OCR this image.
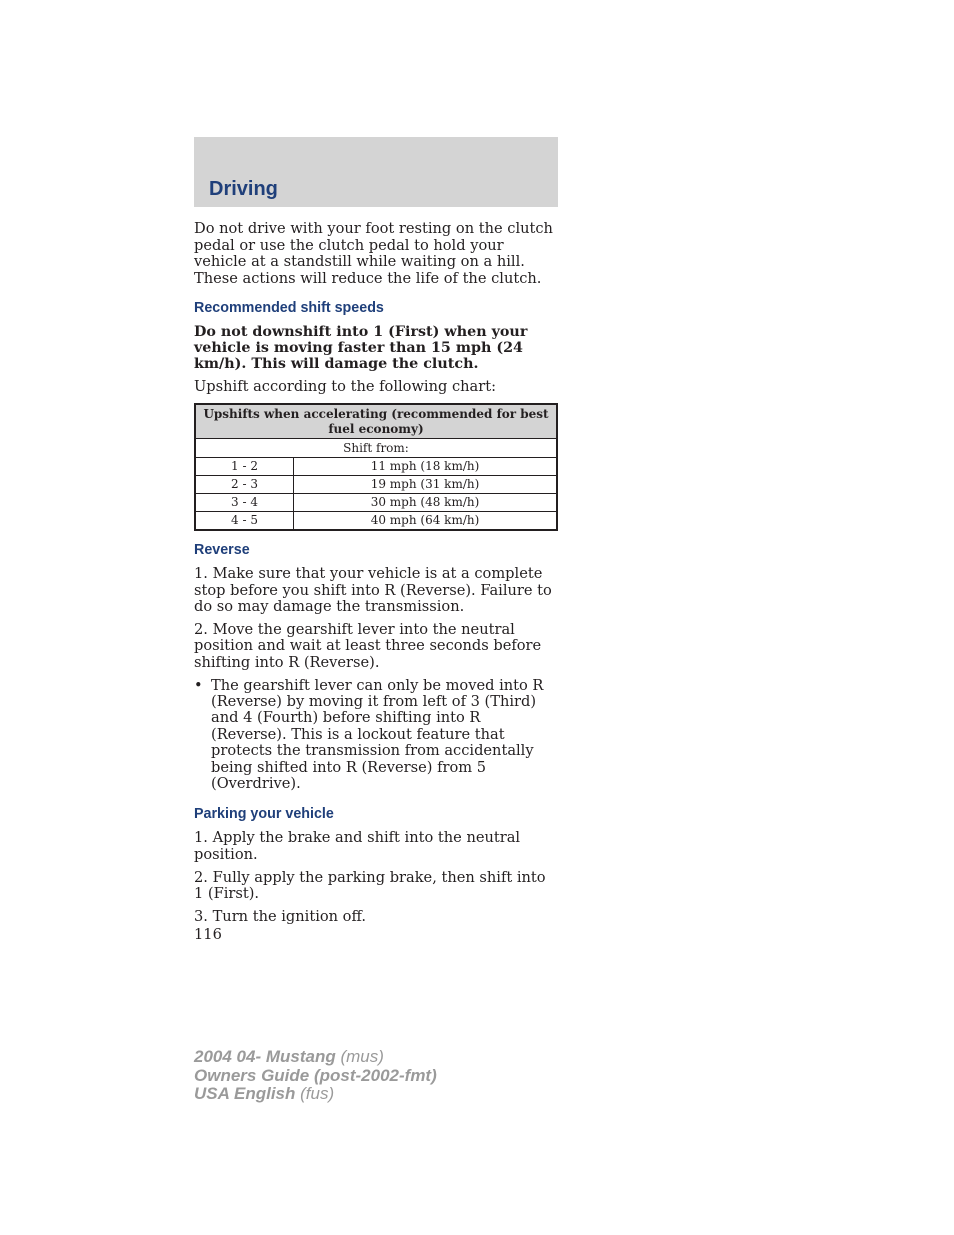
Driving

Do not drive with your foot resting on the clutch pedal or use the clutch pedal to hold your vehicle at a standstill while waiting on a hill. These actions will reduce the life of the clutch.

Recommended shift speeds

Do not downshift into 1 (First) when your vehicle is moving faster than 15 mph (24 km/h). This will damage the clutch.

Upshift according to the following chart:

Upshifts when accelerating (recommended for best fuel economy)	
Shift from:	
1 - 2	11 mph (18 km/h)
2 - 3	19 mph (31 km/h)
3 - 4	30 mph (48 km/h)
4 - 5	40 mph (64 km/h)
Reverse

1. Make sure that your vehicle is at a complete stop before you shift into R (Reverse). Failure to do so may damage the transmission.

2. Move the gearshift lever into the neutral position and wait at least three seconds before shifting into R (Reverse).

• The gearshift lever can only be moved into R (Reverse) by moving it from left of 3 (Third) and 4 (Fourth) before shifting into R (Reverse). This is a lockout feature that protects the transmission from accidentally being shifted into R (Reverse) from 5 (Overdrive).
Parking your vehicle

1. Apply the brake and shift into the neutral position.

2. Fully apply the parking brake, then shift into 1 (First).

3. Turn the ignition off.

116
2004 04- Mustang (mus)
Owners Guide (post-2002-fmt)
USA English (fus)
